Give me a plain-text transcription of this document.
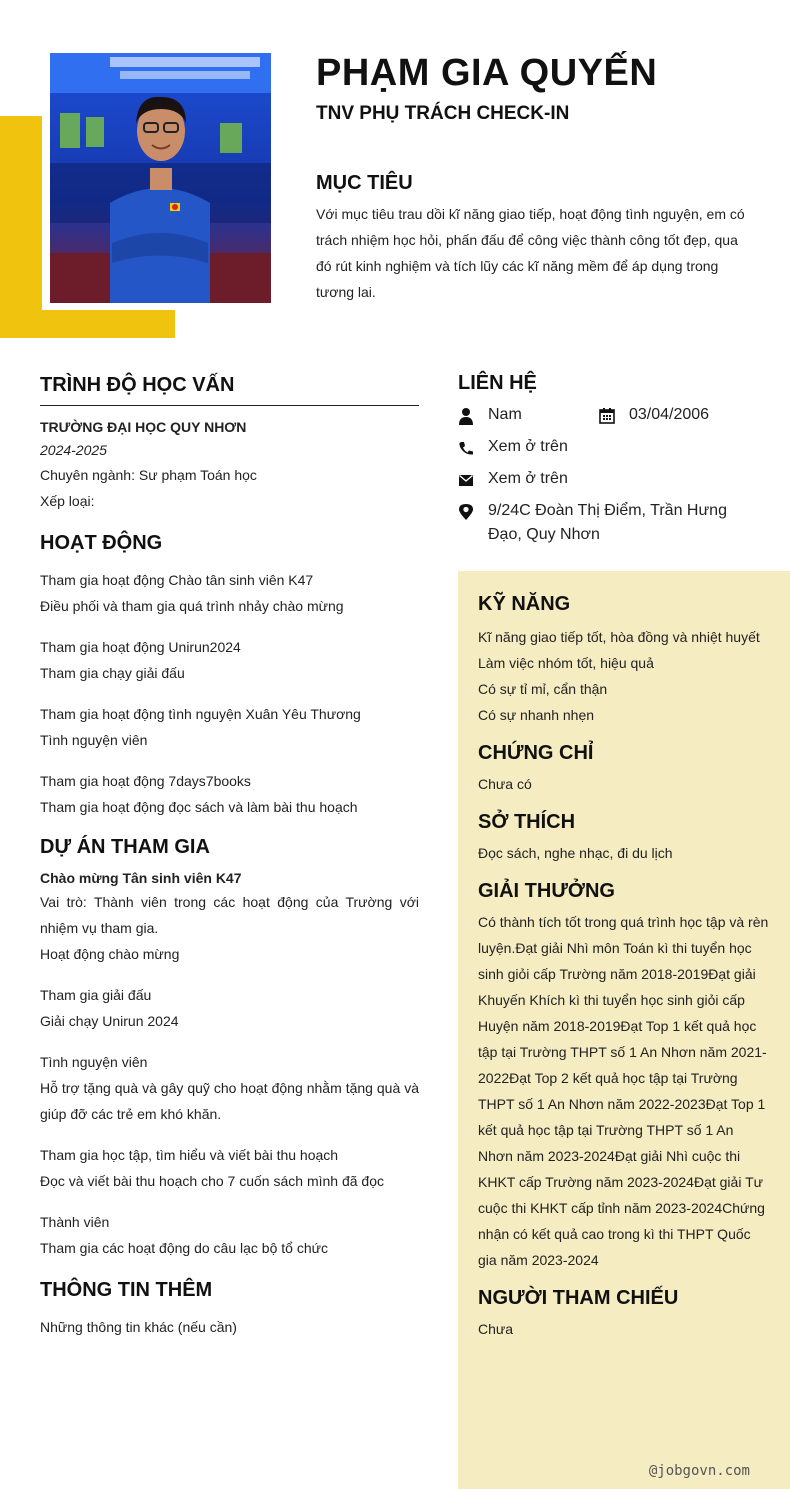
PHẠM GIA QUYẾN
TNV PHỤ TRÁCH CHECK-IN
MỤC TIÊU
Với mục tiêu trau dồi kĩ năng giao tiếp, hoạt động tình nguyện, em có trách nhiệm học hỏi, phấn đấu để công việc thành công tốt đẹp, qua đó rút kinh nghiệm và tích lũy các kĩ năng mềm để áp dụng trong tương lai.
TRÌNH ĐỘ HỌC VẤN
TRƯỜNG ĐẠI HỌC QUY NHƠN
2024-2025
Chuyên ngành: Sư phạm Toán học
Xếp loại:
HOẠT ĐỘNG
Tham gia hoạt động Chào tân sinh viên K47
Điều phối và tham gia quá trình nhảy chào mừng
Tham gia hoạt động Unirun2024
Tham gia chạy giải đấu
Tham gia hoạt động tình nguyện Xuân Yêu Thương
Tình nguyện viên
Tham gia hoạt động 7days7books
Tham gia hoạt động đọc sách và làm bài thu hoạch
DỰ ÁN THAM GIA
Chào mừng Tân sinh viên K47
Vai trò: Thành viên trong các hoạt động của Trường với nhiệm vụ tham gia.
Hoạt động chào mừng
Tham gia giải đấu
Giải chạy Unirun 2024
Tình nguyện viên
Hỗ trợ tặng quà và gây quỹ cho hoạt động nhằm tặng quà và giúp đỡ các trẻ em khó khăn.
Tham gia học tập, tìm hiểu và viết bài thu hoạch
Đọc và viết bài thu hoạch cho 7 cuốn sách mình đã đọc
Thành viên
Tham gia các hoạt động do câu lạc bộ tổ chức
THÔNG TIN THÊM
Những thông tin khác (nếu cần)
LIÊN HỆ
Nam	03/04/2006
Xem ở trên
Xem ở trên
9/24C Đoàn Thị Điểm, Trần Hưng Đạo, Quy Nhơn
KỸ NĂNG
Kĩ năng giao tiếp tốt, hòa đồng và nhiệt huyết
Làm việc nhóm tốt, hiệu quả
Có sự tỉ mỉ, cẩn thận
Có sự nhanh nhẹn
CHỨNG CHỈ
Chưa có
SỞ THÍCH
Đọc sách, nghe nhạc, đi du lịch
GIẢI THƯỞNG
Có thành tích tốt trong quá trình học tập và rèn luyện.Đạt giải Nhì môn Toán kì thi tuyển học sinh giỏi cấp Trường năm 2018-2019Đạt giải Khuyến Khích kì thi tuyển học sinh giỏi cấp Huyện năm 2018-2019Đạt Top 1 kết quả học tập tại Trường THPT số 1 An Nhơn năm 2021-2022Đạt Top 2 kết quả học tập tại Trường THPT số 1 An Nhơn năm 2022-2023Đạt Top 1 kết quả học tập tại Trường THPT số 1 An Nhơn năm 2023-2024Đạt giải Nhì cuộc thi KHKT cấp Trường năm 2023-2024Đạt giải Tư cuộc thi KHKT cấp tỉnh năm 2023-2024Chứng nhận có kết quả cao trong kì thi THPT Quốc gia năm 2023-2024
NGƯỜI THAM CHIẾU
Chưa
@jobgovn.com
